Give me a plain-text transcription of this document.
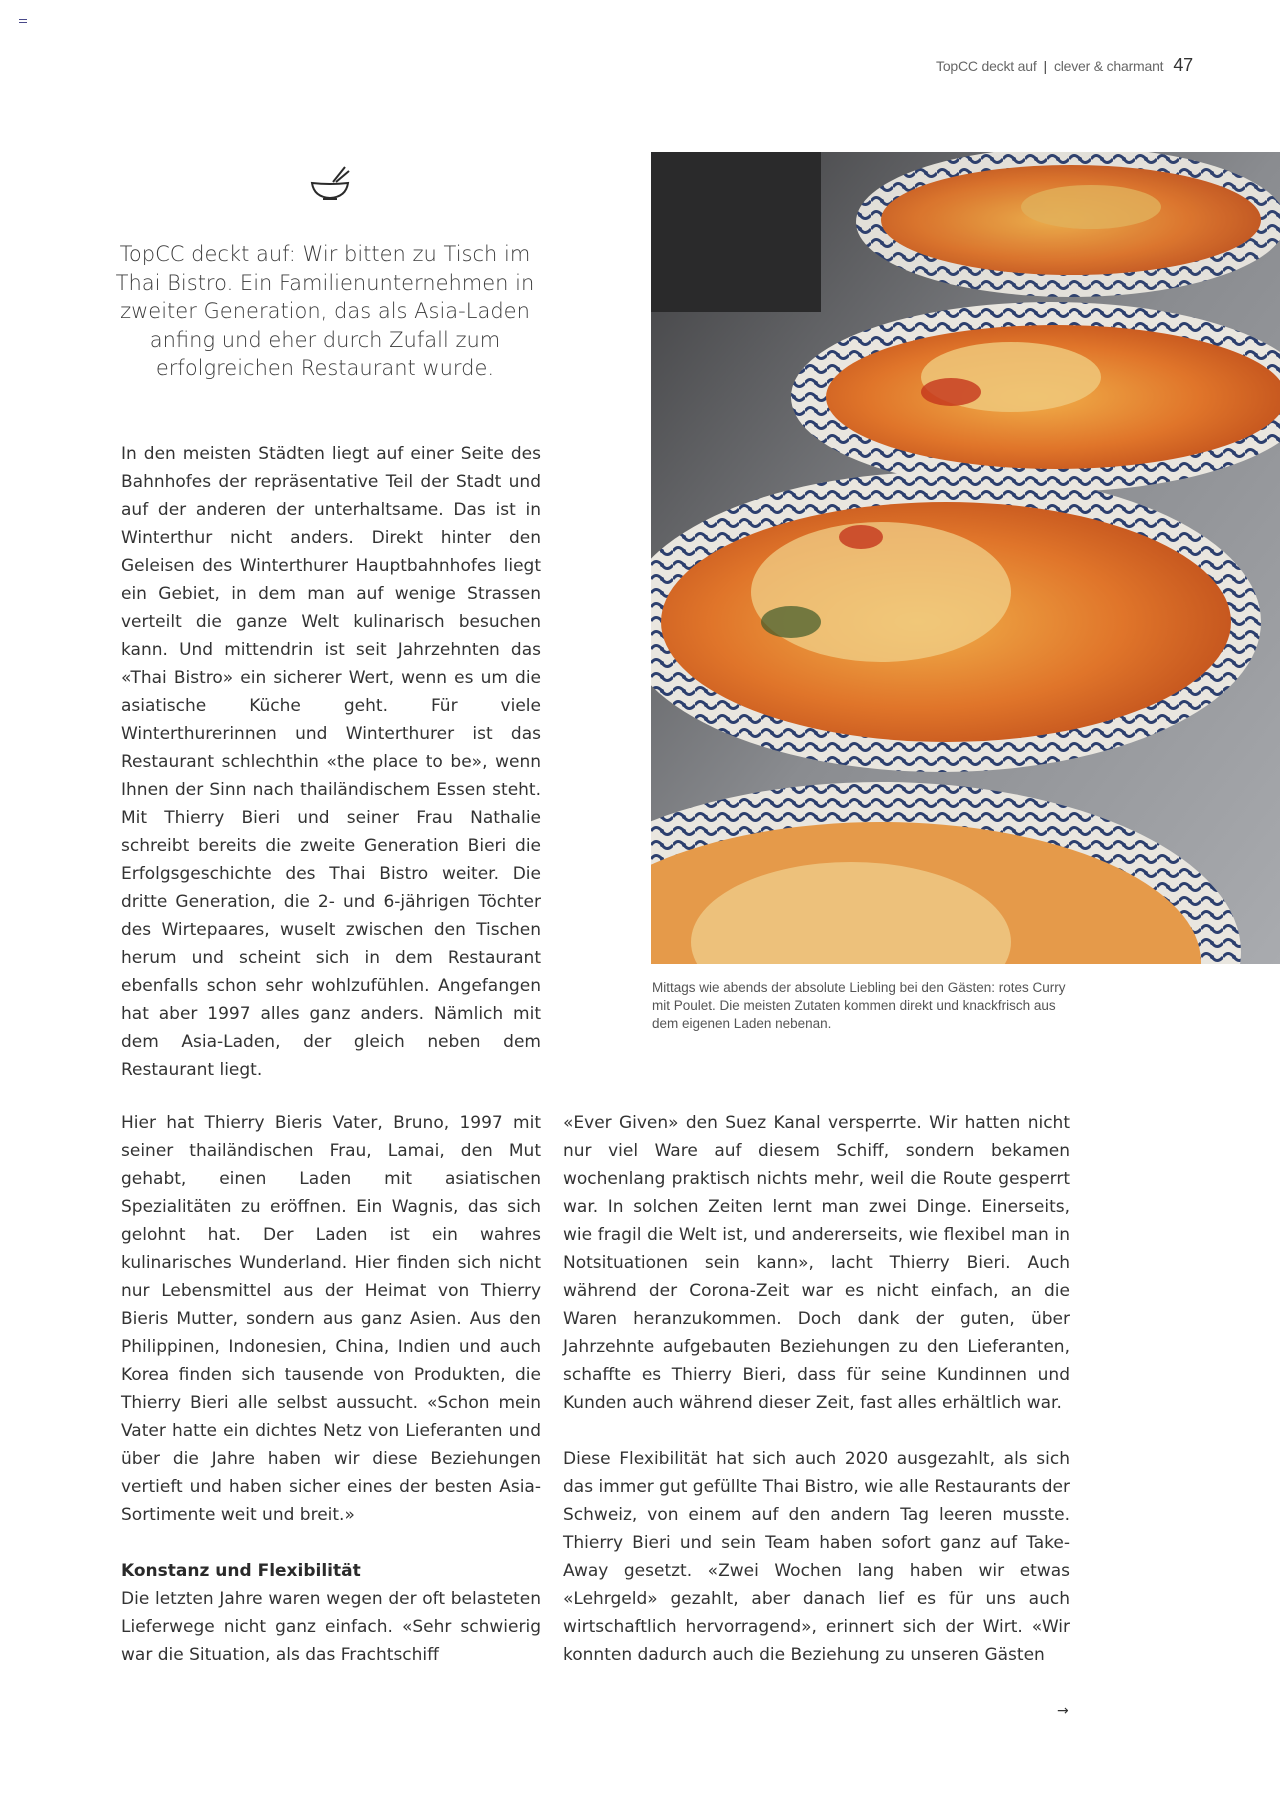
TopCC deckt auf | clever & charmant 47
TopCC deckt auf: Wir bitten zu Tisch im Thai Bistro. Ein Familienunternehmen in zweiter Generation, das als Asia-Laden anfing und eher durch Zufall zum erfolgreichen Restaurant wurde.

In den meisten Städten liegt auf einer Seite des Bahnhofes der repräsentative Teil der Stadt und auf der anderen der unterhaltsame. Das ist in Winterthur nicht anders. Direkt hinter den Geleisen des Winterthurer Hauptbahnhofes liegt ein Gebiet, in dem man auf wenige Strassen verteilt die ganze Welt kulinarisch besuchen kann. Und mittendrin ist seit Jahrzehnten das «Thai Bistro» ein sicherer Wert, wenn es um die asiatische Küche geht. Für viele Winterthurerinnen und Winterthurer ist das Restaurant schlechthin «the place to be», wenn Ihnen der Sinn nach thailändischem Essen steht. Mit Thierry Bieri und seiner Frau Nathalie schreibt bereits die zweite Generation Bieri die Erfolgsgeschichte des Thai Bistro weiter. Die dritte Generation, die 2- und 6-jährigen Töchter des Wirtepaares, wuselt zwischen den Tischen herum und scheint sich in dem Restaurant ebenfalls schon sehr wohlzufühlen. Angefangen hat aber 1997 alles ganz anders. Nämlich mit dem Asia-Laden, der gleich neben dem Restaurant liegt.

Hier hat Thierry Bieris Vater, Bruno, 1997 mit seiner thailändischen Frau, Lamai, den Mut gehabt, einen Laden mit asiatischen Spezialitäten zu eröffnen. Ein Wagnis, das sich gelohnt hat. Der Laden ist ein wahres kulinarisches Wunderland. Hier finden sich nicht nur Lebensmittel aus der Heimat von Thierry Bieris Mutter, sondern aus ganz Asien. Aus den Philippinen, Indonesien, China, Indien und auch Korea finden sich tausende von Produkten, die Thierry Bieri alle selbst aussucht. «Schon mein Vater hatte ein dichtes Netz von Lieferanten und über die Jahre haben wir diese Beziehungen vertieft und haben sicher eines der besten Asia-Sortimente weit und breit.»

Konstanz und Flexibilität

Die letzten Jahre waren wegen der oft belasteten Lieferwege nicht ganz einfach. «Sehr schwierig war die Situation, als das Frachtschiff

«Ever Given» den Suez Kanal versperrte. Wir hatten nicht nur viel Ware auf diesem Schiff, sondern bekamen wochenlang praktisch nichts mehr, weil die Route gesperrt war. In solchen Zeiten lernt man zwei Dinge. Einerseits, wie fragil die Welt ist, und andererseits, wie flexibel man in Notsituationen sein kann», lacht Thierry Bieri. Auch während der Corona-Zeit war es nicht einfach, an die Waren heranzukommen. Doch dank der guten, über Jahrzehnte aufgebauten Beziehungen zu den Lieferanten, schaffte es Thierry Bieri, dass für seine Kundinnen und Kunden auch während dieser Zeit, fast alles erhältlich war.

Diese Flexibilität hat sich auch 2020 ausgezahlt, als sich das immer gut gefüllte Thai Bistro, wie alle Restaurants der Schweiz, von einem auf den andern Tag leeren musste. Thierry Bieri und sein Team haben sofort ganz auf Take-Away gesetzt. «Zwei Wochen lang haben wir etwas «Lehrgeld» gezahlt, aber danach lief es für uns auch wirtschaftlich hervorragend», erinnert sich der Wirt. «Wir konnten dadurch auch die Beziehung zu unseren Gästen

Mittags wie abends der absolute Liebling bei den Gästen: rotes Curry mit Poulet. Die meisten Zutaten kommen direkt und knackfrisch aus dem eigenen Laden nebenan.
→
